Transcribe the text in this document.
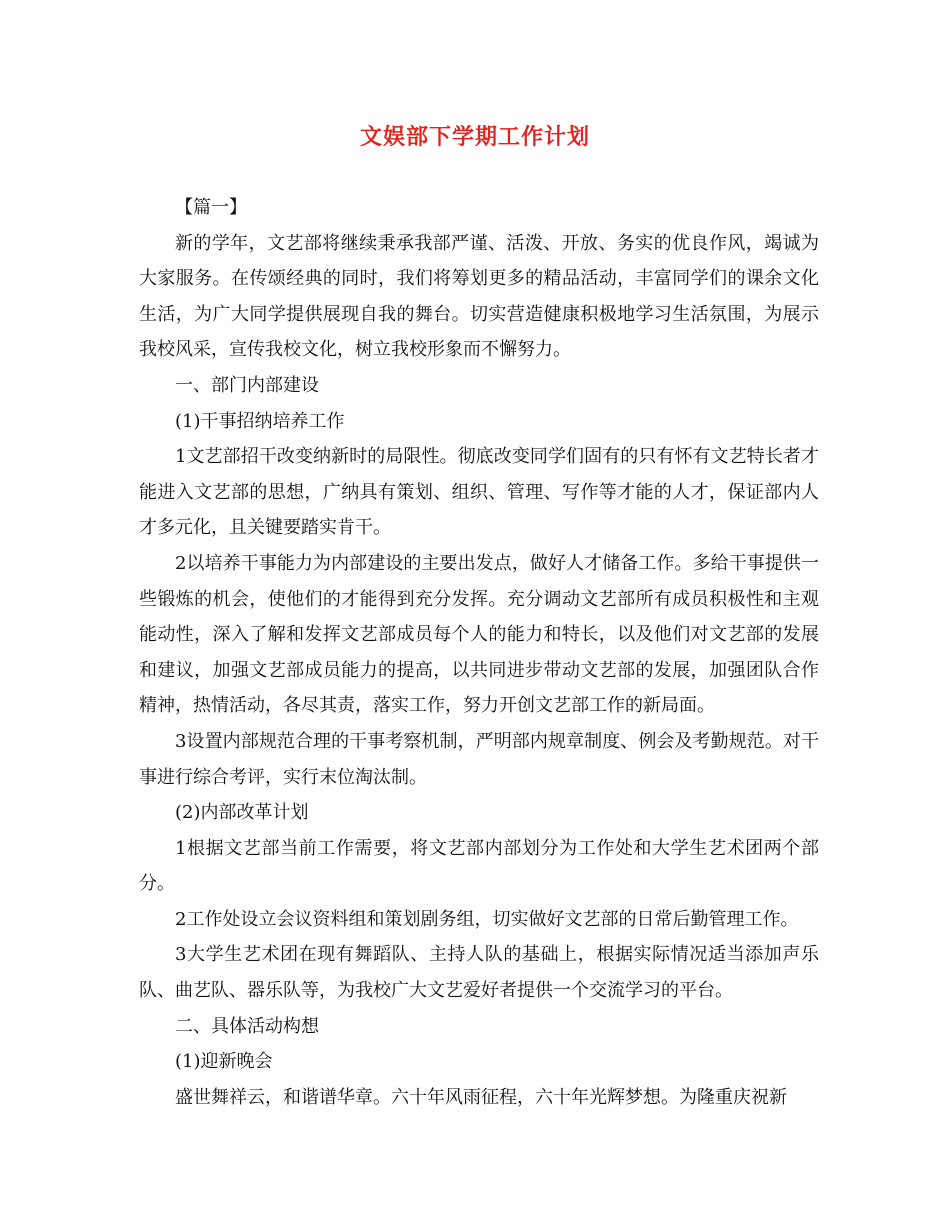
文娱部下学期工作计划

【篇一】

新的学年，文艺部将继续秉承我部严谨、活泼、开放、务实的优良作风，竭诚为大家服务。在传颂经典的同时，我们将筹划更多的精品活动，丰富同学们的课余文化生活，为广大同学提供展现自我的舞台。切实营造健康积极地学习生活氛围，为展示我校风采，宣传我校文化，树立我校形象而不懈努力。

一、部门内部建设

(1)干事招纳培养工作

1文艺部招干改变纳新时的局限性。彻底改变同学们固有的只有怀有文艺特长者才能进入文艺部的思想，广纳具有策划、组织、管理、写作等才能的人才，保证部内人才多元化，且关键要踏实肯干。

2以培养干事能力为内部建设的主要出发点，做好人才储备工作。多给干事提供一些锻炼的机会，使他们的才能得到充分发挥。充分调动文艺部所有成员积极性和主观能动性，深入了解和发挥文艺部成员每个人的能力和特长，以及他们对文艺部的发展和建议，加强文艺部成员能力的提高，以共同进步带动文艺部的发展，加强团队合作精神，热情活动，各尽其责，落实工作，努力开创文艺部工作的新局面。

3设置内部规范合理的干事考察机制，严明部内规章制度、例会及考勤规范。对干事进行综合考评，实行末位淘汰制。

(2)内部改革计划

1根据文艺部当前工作需要，将文艺部内部划分为工作处和大学生艺术团两个部分。

2工作处设立会议资料组和策划剧务组，切实做好文艺部的日常后勤管理工作。

3大学生艺术团在现有舞蹈队、主持人队的基础上，根据实际情况适当添加声乐队、曲艺队、器乐队等，为我校广大文艺爱好者提供一个交流学习的平台。

二、具体活动构想

(1)迎新晚会

盛世舞祥云，和谐谱华章。六十年风雨征程，六十年光辉梦想。为隆重庆祝新
